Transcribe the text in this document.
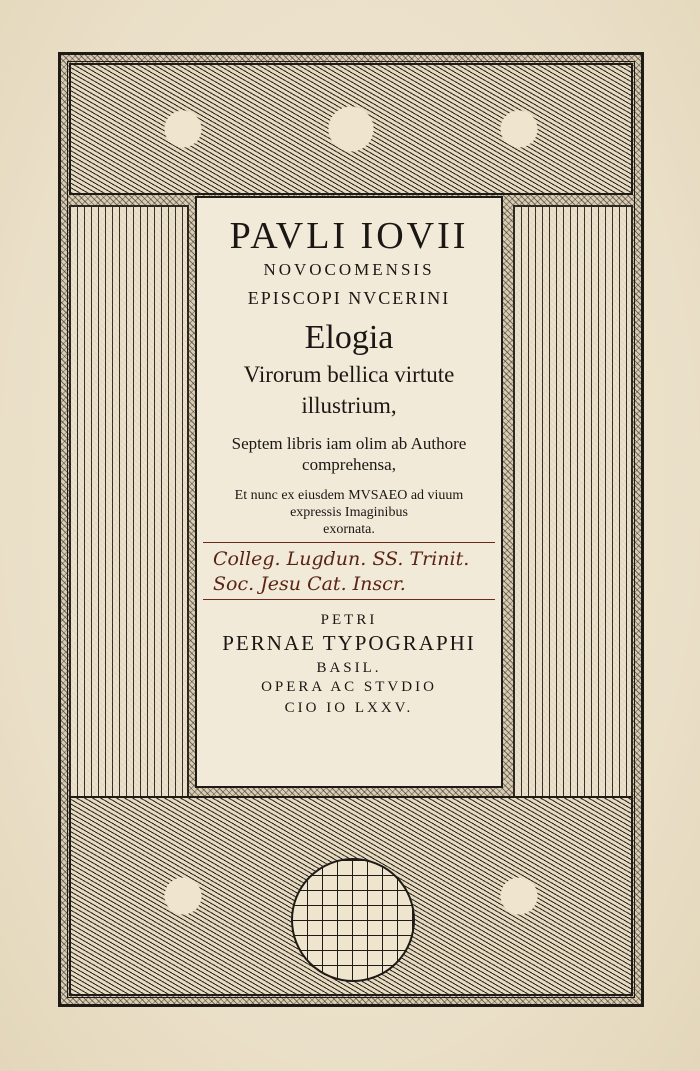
PAVLI IOVII
NOVOCOMENSIS
EPISCOPI NVCERINI
Elogia
Virorum bellica virtute
illustrium,
Septem libris iam olim ab Authore
comprehensa,
Et nunc ex eiusdem MVSAEO ad viuum
expressis Imaginibus
exornata.
Colleg. Lugdun. SS. Trinit.
Soc. Jesu Cat. Inscr.
PETRI
PERNAE TYPOGRAPHI
BASIL.
OPERA AC STVDIO
CIO IO LXXV.
